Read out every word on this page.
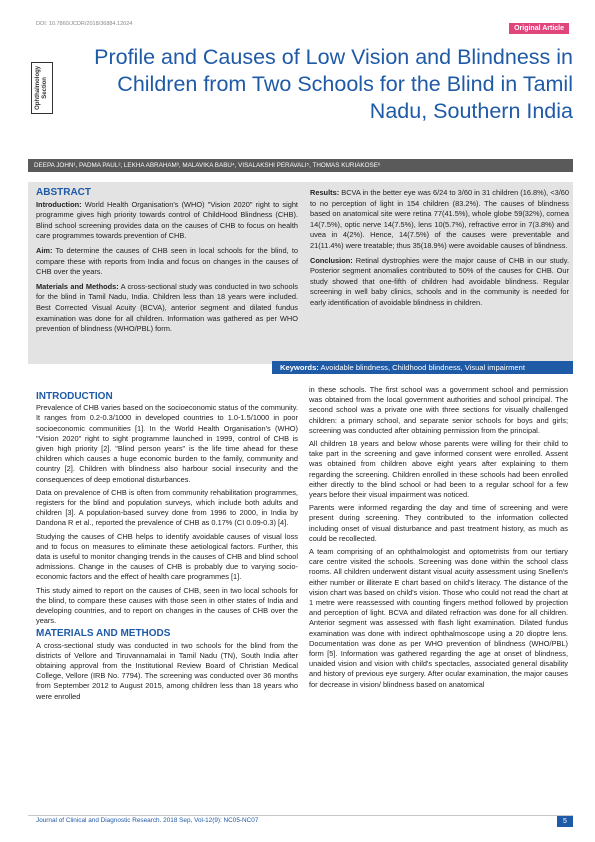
DOI: 10.7860/JCDR/2018/36884.12024
Original Article
Ophthalmology Section
Profile and Causes of Low Vision and Blindness in Children from Two Schools for the Blind in Tamil Nadu, Southern India
DEEPA JOHN¹, PADMA PAUL², LEKHA ABRAHAM³, MALAVIKA BABU⁴, VISALAKSHI PERAVALI⁵, THOMAS KURIAKOSE⁶
ABSTRACT

Introduction: World Health Organisation's (WHO) "Vision 2020" right to sight programme gives high priority towards control of ChildHood Blindness (CHB). Blind school screening provides data on the causes of CHB to focus on health care programmes towards prevention of CHB.

Aim: To determine the causes of CHB seen in local schools for the blind, to compare these with reports from India and focus on changes in the causes of CHB over the years.

Materials and Methods: A cross-sectional study was conducted in two schools for the blind in Tamil Nadu, India. Children less than 18 years were included. Best Corrected Visual Acuity (BCVA), anterior segment and dilated fundus examination was done for all children. Information was gathered as per WHO prevention of blindness (WHO/PBL) form.

Results: BCVA in the better eye was 6/24 to 3/60 in 31 children (16.8%), <3/60 to no perception of light in 154 children (83.2%). The causes of blindness based on anatomical site were retina 77(41.5%), whole globe 59(32%), cornea 14(7.5%), optic nerve 14(7.5%), lens 10(5.7%), refractive error in 7(3.8%) and uvea in 4(2%). Hence, 14(7.5%) of the causes were preventable and 21(11.4%) were treatable; thus 35(18.9%) were avoidable causes of blindness.

Conclusion: Retinal dystrophies were the major cause of CHB in our study. Posterior segment anomalies contributed to 50% of the causes for CHB. Our study showed that one-fifth of children had avoidable blindness. Regular screening in well baby clinics, schools and in the community is needed for early identification of avoidable blindness in children.

Keywords: Avoidable blindness, Childhood blindness, Visual impairment
INTRODUCTION

Prevalence of CHB varies based on the socioeconomic status of the community. It ranges from 0.2-0.3/1000 in developed countries to 1.0-1.5/1000 in poor socioeconomic communities [1]. In the World Health Organisation's (WHO) "Vision 2020" right to sight programme launched in 1999, control of CHB is given high priority [2]. "Blind person years" is the life time ahead for these children which causes a huge economic burden to the family, community and country [2]. Children with blindness also harbour social insecurity and the consequences of deep emotional disturbances.

Data on prevalence of CHB is often from community rehabilitation programmes, registers for the blind and population surveys, which include both adults and children [3]. A population-based survey done from 1996 to 2000, in India by Dandona R et al., reported the prevalence of CHB as 0.17% (CI 0.09-0.3) [4].

Studying the causes of CHB helps to identify avoidable causes of visual loss and to focus on measures to eliminate these aetiological factors. Further, this data is useful to monitor changing trends in the causes of CHB and blind school admissions. Change in the causes of CHB is probably due to varying socio-economic factors and the effect of health care programmes [1].

This study aimed to report on the causes of CHB, seen in two local schools for the blind, to compare these causes with those seen in other states of India and developing countries, and to report on changes in the causes of CHB over the years.

MATERIALS AND METHODS

A cross-sectional study was conducted in two schools for the blind from the districts of Vellore and Tiruvannamalai in Tamil Nadu (TN), South India after obtaining approval from the Institutional Review Board of Christian Medical College, Vellore (IRB No. 7794). The screening was conducted over 36 months from September 2012 to August 2015, among children less than 18 years who were enrolled

in these schools. The first school was a government school and permission was obtained from the local government authorities and school principal. The second school was a private one with three sections for visually challenged children: a primary school, and separate senior schools for boys and girls; screening was conducted after obtaining permission from the principal.

All children 18 years and below whose parents were willing for their child to take part in the screening and gave informed consent were enrolled. Assent was obtained from children above eight years after explaining to them regarding the screening. Children enrolled in these schools had been enrolled either directly to the blind school or had been to a regular school for a few years before their visual impairment was noticed.

Parents were informed regarding the day and time of screening and were present during screening. They contributed to the information collected including onset of visual disturbance and past treatment history, as much as could be recollected.

A team comprising of an ophthalmologist and optometrists from our tertiary care centre visited the schools. Screening was done within the school class rooms. All children underwent distant visual acuity assessment using Snellen's either number or illiterate E chart based on child's literacy. The distance of the vision chart was based on child's vision. Those who could not read the chart at 1 metre were reassessed with counting fingers method followed by projection and perception of light. BCVA and dilated refraction was done for all children. Anterior segment was assessed with flash light examination. Dilated fundus examination was done with indirect ophthalmoscope using a 20 dioptre lens. Documentation was done as per WHO prevention of blindness (WHO/PBL) form [5]. Information was gathered regarding the age at onset of blindness, unaided vision and vision with child's spectacles, associated general disability and history of previous eye surgery. After ocular examination, the major causes for decrease in vision/ blindness based on anatomical

Journal of Clinical and Diagnostic Research. 2018 Sep, Vol-12(9): NC05-NC07	5
